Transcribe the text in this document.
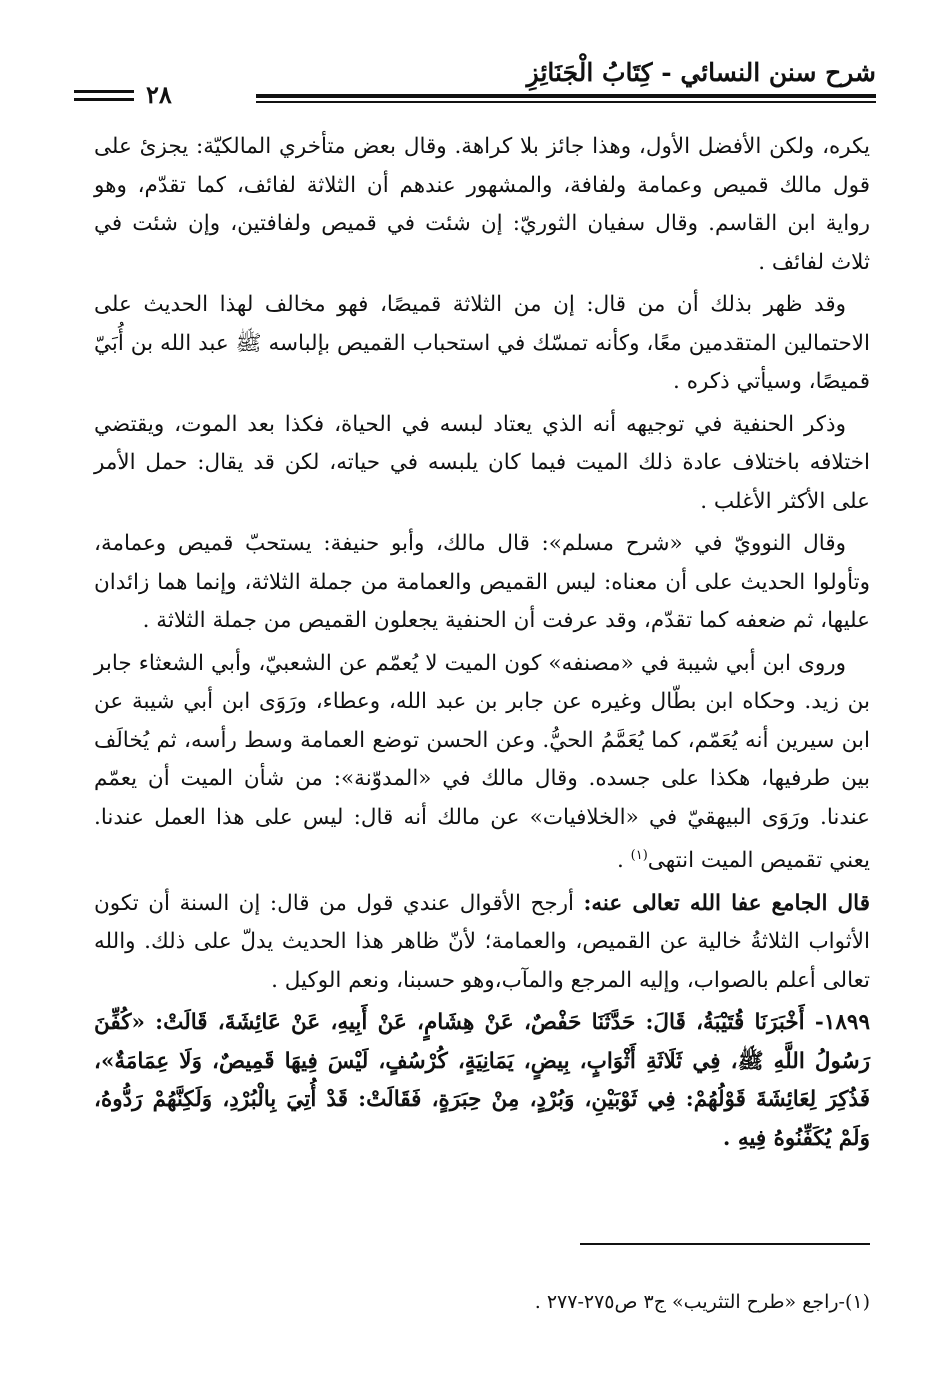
شرح سنن النسائي - كِتَابُ الْجَنَائِزِ
٢٨

يكره، ولكن الأفضل الأول، وهذا جائز بلا كراهة. وقال بعض متأخري المالكيّة: يجزئ على قول مالك قميص وعمامة ولفافة، والمشهور عندهم أن الثلاثة لفائف، كما تقدّم، وهو رواية ابن القاسم. وقال سفيان الثوريّ: إن شئت في قميص ولفافتين، وإن شئت في ثلاث لفائف .

وقد ظهر بذلك أن من قال: إن من الثلاثة قميصًا، فهو مخالف لهذا الحديث على الاحتمالين المتقدمين معًا، وكأنه تمسّك في استحباب القميص بإلباسه ﷺ عبد الله بن أُبَيّ قميصًا، وسيأتي ذكره .

وذكر الحنفية في توجيهه أنه الذي يعتاد لبسه في الحياة، فكذا بعد الموت، ويقتضي اختلافه باختلاف عادة ذلك الميت فيما كان يلبسه في حياته، لكن قد يقال: حمل الأمر على الأكثر الأغلب .

وقال النوويّ في «شرح مسلم»: قال مالك، وأبو حنيفة: يستحبّ قميص وعمامة، وتأولوا الحديث على أن معناه: ليس القميص والعمامة من جملة الثلاثة، وإنما هما زائدان عليها، ثم ضعفه كما تقدّم، وقد عرفت أن الحنفية يجعلون القميص من جملة الثلاثة .

وروى ابن أبي شيبة في «مصنفه» كون الميت لا يُعمّم عن الشعبيّ، وأبي الشعثاء جابر بن زيد. وحكاه ابن بطّال وغيره عن جابر بن عبد الله، وعطاء، ورَوَى ابن أبي شيبة عن ابن سيرين أنه يُعَمّم، كما يُعَمَّمُ الحيُّ. وعن الحسن توضع العمامة وسط رأسه، ثم يُخالَف بين طرفيها، هكذا على جسده. وقال مالك في «المدوّنة»: من شأن الميت أن يعمّم عندنا. ورَوَى البيهقيّ في «الخلافيات» عن مالك أنه قال: ليس على هذا العمل عندنا. يعني تقميص الميت انتهى$^{(١)}$ .

قال الجامع عفا الله تعالى عنه: أرجح الأقوال عندي قول من قال: إن السنة أن تكون الأثواب الثلاثةُ خالية عن القميص، والعمامة؛ لأنّ ظاهر هذا الحديث يدلّ على ذلك. والله تعالى أعلم بالصواب، وإليه المرجع والمآب،وهو حسبنا، ونعم الوكيل .

١٨٩٩- أَخْبَرَنَا قُتَيْبَةُ، قَالَ: حَدَّثَنَا حَفْصٌ، عَنْ هِشَامٍ، عَنْ أَبِيهِ، عَنْ عَائِشَةَ، قَالَتْ: «كُفِّنَ رَسُولُ اللَّهِ ﷺ، فِي ثَلَاثَةِ أَثْوَابٍ، بِيضٍ، يَمَانِيَةٍ، كُرْسُفٍ، لَيْسَ فِيهَا قَمِيصٌ، وَلَا عِمَامَةٌ»، فَذُكِرَ لِعَائِشَةَ قَوْلُهُمْ: فِي ثَوْبَيْنِ، وَبُرْدٍ، مِنْ حِبَرَةٍ، فَقَالَتْ: قَدْ أُتِيَ بِالْبُرْدِ، وَلَكِنَّهُمْ رَدُّوهُ، وَلَمْ يُكَفِّنُوهُ فِيهِ .

(١)-راجع «طرح التثريب» ج٣ ص٢٧٥-٢٧٧ .
